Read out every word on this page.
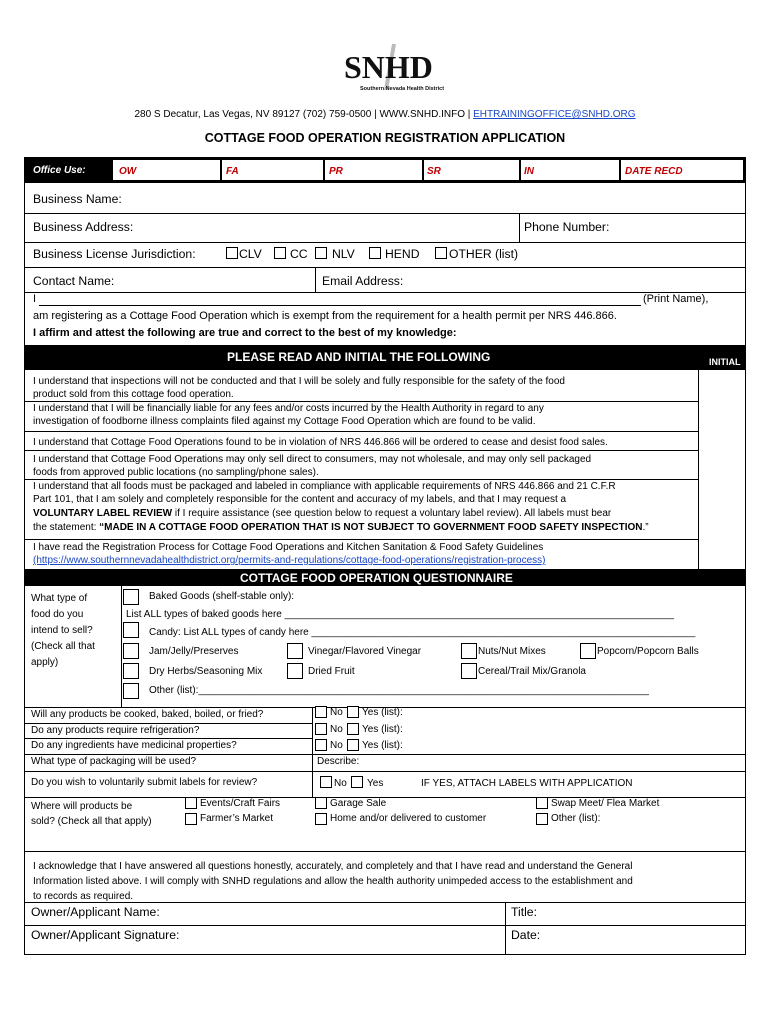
SNHD
Southern Nevada Health District
280 S Decatur, Las Vegas, NV 89127 (702) 759-0500 | WWW.SNHD.INFO | EHTRAININGOFFICE@SNHD.ORG
COTTAGE FOOD OPERATION REGISTRATION APPLICATION
Office Use:	OW	FA	PR	SR	IN	DATE RECD
Business Name:
Business Address:	Phone Number:
Business License Jurisdiction:	CLV CC NLV HEND OTHER (list)
Contact Name:	Email Address:
I	(Print Name),
am registering as a Cottage Food Operation which is exempt from the requirement for a health permit per NRS 446.866.
I affirm and attest the following are true and correct to the best of my knowledge:
PLEASE READ AND INITIAL THE FOLLOWING	INITIAL
I understand that inspections will not be conducted and that I will be solely and fully responsible for the safety of the food
product sold from this cottage food operation.
I understand that I will be financially liable for any fees and/or costs incurred by the Health Authority in regard to any
investigation of foodborne illness complaints filed against my Cottage Food Operation which are found to be valid.
I understand that Cottage Food Operations found to be in violation of NRS 446.866 will be ordered to cease and desist food sales.
I understand that Cottage Food Operations may only sell direct to consumers, may not wholesale, and may only sell packaged
foods from approved public locations (no sampling/phone sales).
I understand that all foods must be packaged and labeled in compliance with applicable requirements of NRS 446.866 and 21 C.F.R
Part 101, that I am solely and completely responsible for the content and accuracy of my labels, and that I may request a
VOLUNTARY LABEL REVIEW if I require assistance (see question below to request a voluntary label review). All labels must bear
the statement: “MADE IN A COTTAGE FOOD OPERATION THAT IS NOT SUBJECT TO GOVERNMENT FOOD SAFETY INSPECTION.”
I have read the Registration Process for Cottage Food Operations and Kitchen Sanitation & Food Safety Guidelines
(https://www.southernnevadahealthdistrict.org/permits-and-regulations/cottage-food-operations/registration-process)
COTTAGE FOOD OPERATION QUESTIONNAIRE
What type of
food do you
intend to sell?
(Check all that
apply)
Baked Goods (shelf-stable only):
List ALL types of baked goods here ______________________________________________________________________
Candy: List ALL types of candy here _____________________________________________________________________
Jam/Jelly/Preserves	Vinegar/Flavored Vinegar	Nuts/Nut Mixes	Popcorn/Popcorn Balls
Dry Herbs/Seasoning Mix	Dried Fruit	Cereal/Trail Mix/Granola
Other (list):_________________________________________________________________________________
Will any products be cooked, baked, boiled, or fried?	No Yes (list):
Do any products require refrigeration?	No Yes (list):
Do any ingredients have medicinal properties?	No Yes (list):
What type of packaging will be used?	Describe:
Do you wish to voluntarily submit labels for review?	No Yes	IF YES, ATTACH LABELS WITH APPLICATION
Where will products be
sold? (Check all that apply)
Events/Craft Fairs
Farmer’s Market
Garage Sale
Home and/or delivered to customer
Swap Meet/ Flea Market
Other (list):
I acknowledge that I have answered all questions honestly, accurately, and completely and that I have read and understand the General
Information listed above. I will comply with SNHD regulations and allow the health authority unimpeded access to the establishment and
to records as required.
Owner/Applicant Name:	Title:
Owner/Applicant Signature:	Date:
